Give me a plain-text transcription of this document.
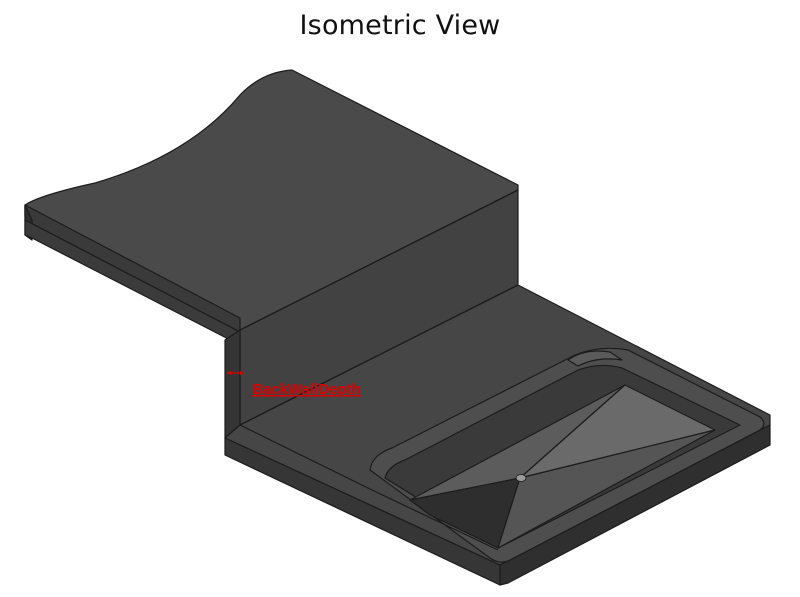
Isometric View
BackWallDepth
